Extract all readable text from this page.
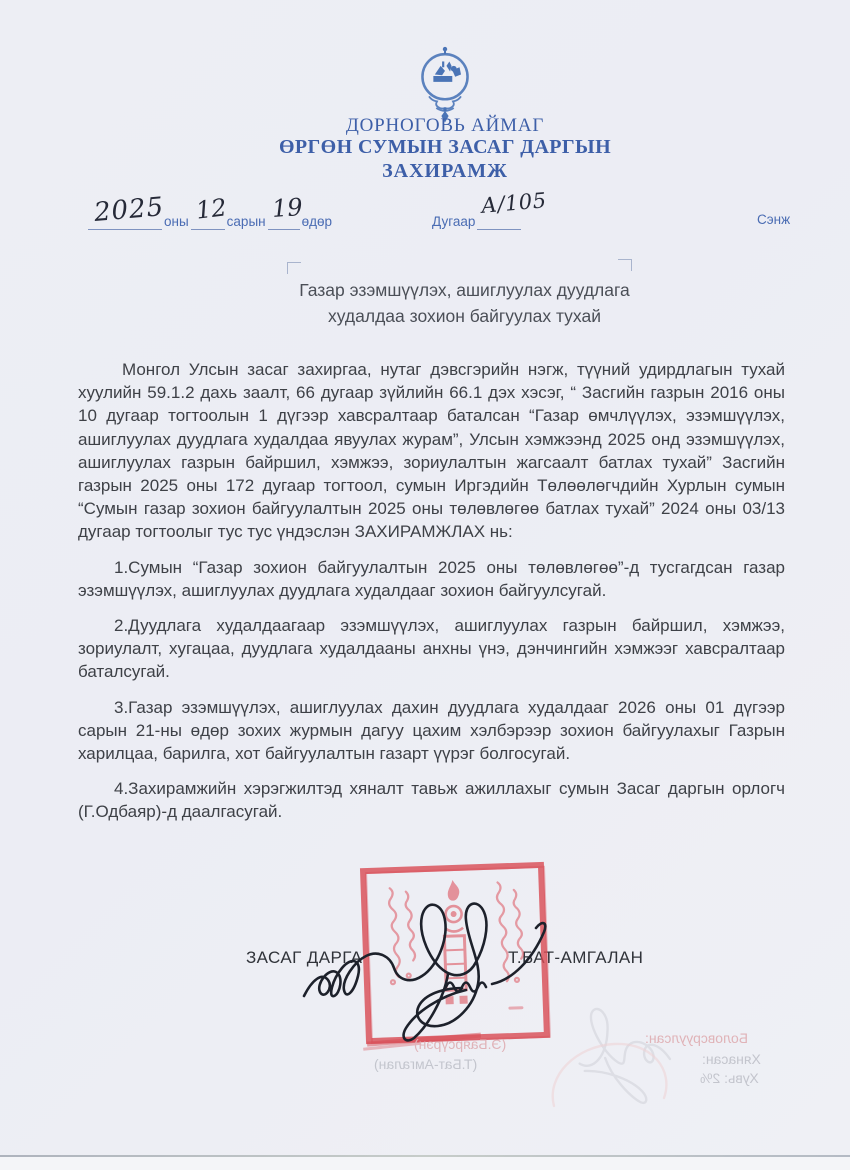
ДОРНОГОВЬ АЙМАГ
ӨРГӨН СУМЫН ЗАСАГ ДАРГЫН
ЗАХИРАМЖ
2025
оны 12
сарын 19
өдөр	Дугаар
А/105
Сэнж
Газар эзэмшүүлэх, ашиглуулах дуудлага
худалдаа зохион байгуулах тухай

Монгол Улсын засаг захиргаа, нутаг дэвсгэрийн нэгж, түүний удирдлагын тухай хуулийн 59.1.2 дахь заалт, 66 дугаар зүйлийн 66.1 дэх хэсэг, “ Засгийн газрын 2016 оны 10 дугаар тогтоолын 1 дүгээр хавсралтаар баталсан “Газар өмчлүүлэх, эзэмшүүлэх, ашиглуулах дуудлага худалдаа явуулах журам”, Улсын хэмжээнд 2025 онд эзэмшүүлэх, ашиглуулах газрын байршил, хэмжээ, зориулалтын жагсаалт батлах тухай” Засгийн газрын 2025 оны 172 дугаар тогтоол, сумын Иргэдийн Төлөөлөгчдийн Хурлын сумын “Сумын газар зохион байгуулалтын 2025 оны төлөвлөгөө батлах тухай” 2024 оны 03/13 дугаар тогтоолыг тус тус үндэслэн ЗАХИРАМЖЛАХ нь:

1.Сумын “Газар зохион байгуулалтын 2025 оны төлөвлөгөө”-д тусгагдсан газар эзэмшүүлэх, ашиглуулах дуудлага худалдааг зохион байгуулсугай.

2.Дуудлага худалдаагаар эзэмшүүлэх, ашиглуулах газрын байршил, хэмжээ, зориулалт, хугацаа, дуудлага худалдааны анхны үнэ, дэнчингийн хэмжээг хавсралтаар баталсугай.

3.Газар эзэмшүүлэх, ашиглуулах дахин дуудлага худалдааг 2026 оны 01 дүгээр сарын 21-ны өдөр зохих журмын дагуу цахим хэлбэрээр зохион байгуулахыг Газрын харилцаа, барилга, хот байгуулалтын газарт үүрэг болгосугай.

4.Захирамжийн хэрэгжилтэд хяналт тавьж ажиллахыг сумын Засаг даргын орлогч (Г.Одбаяр)-д даалгасугай.

ЗАСАГ ДАРГА	Т.БАТ-АМГАЛАН
(Э.Баярсүрэн)
(Т.Бат-Амгалан)
Боловсруулсан:
Хянасан:
Хувь: 2%
